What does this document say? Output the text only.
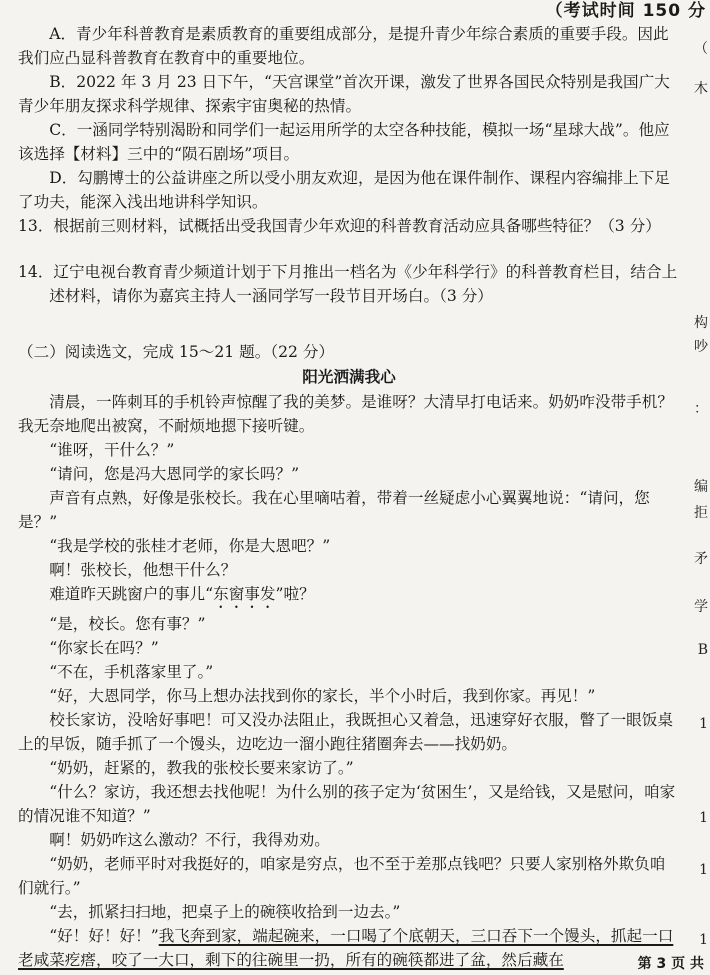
（考试时间 150 分

A．青少年科普教育是素质教育的重要组成部分，是提升青少年综合素质的重要手段。因此我们应凸显科普教育在教育中的重要地位。

B．2022 年 3 月 23 日下午，“天宫课堂”首次开课，激发了世界各国民众特别是我国广大青少年朋友探求科学规律、探索宇宙奥秘的热情。

C．一涵同学特别渴盼和同学们一起运用所学的太空各种技能，模拟一场“星球大战”。他应该选择【材料】三中的“陨石剧场”项目。

D．勾鹏博士的公益讲座之所以受小朋友欢迎，是因为他在课件制作、课程内容编排上下足了功夫，能深入浅出地讲科学知识。

13．根据前三则材料，试概括出受我国青少年欢迎的科普教育活动应具备哪些特征？（3 分）

14．辽宁电视台教育青少频道计划于下月推出一档名为《少年科学行》的科普教育栏目，结合上述材料，请你为嘉宾主持人一涵同学写一段节目开场白。（3 分）

（二）阅读选文，完成 15～21 题。（22 分）

阳光洒满我心

清晨，一阵刺耳的手机铃声惊醒了我的美梦。是谁呀？大清早打电话来。奶奶咋没带手机？我无奈地爬出被窝，不耐烦地摁下接听键。

“谁呀，干什么？”

“请问，您是冯大恩同学的家长吗？”

声音有点熟，好像是张校长。我在心里嘀咕着，带着一丝疑虑小心翼翼地说：“请问，您是？”

“我是学校的张桂才老师，你是大恩吧？”

啊！张校长，他想干什么？

难道昨天跳窗户的事儿“东窗事发”啦？

“是，校长。您有事？”

“你家长在吗？”

“不在，手机落家里了。”

“好，大恩同学，你马上想办法找到你的家长，半个小时后，我到你家。再见！”

校长家访，没啥好事吧！可又没办法阻止，我既担心又着急，迅速穿好衣服，瞥了一眼饭桌上的早饭，随手抓了一个馒头，边吃边一溜小跑往猪圈奔去——找奶奶。

“奶奶，赶紧的，教我的张校长要来家访了。”

“什么？家访，我还想去找他呢！为什么别的孩子定为‘贫困生’，又是给钱，又是慰问，咱家的情况谁不知道？”

啊！奶奶咋这么激动？不行，我得劝劝。

“奶奶，老师平时对我挺好的，咱家是穷点，也不至于差那点钱吧？只要人家别格外欺负咱们就行。”

“去，抓紧扫扫地，把桌子上的碗筷收拾到一边去。”

“好！好！好！”我飞奔到家，端起碗来，一口喝了个底朝天，三口吞下一个馒头，抓起一口老咸菜疙瘩，咬了一大口，剩下的往碗里一扔，所有的碗筷都进了盆，然后藏在

（
木
构
吵
：
编
拒
矛
学
B
1
1
1
1
第 3 页 共
